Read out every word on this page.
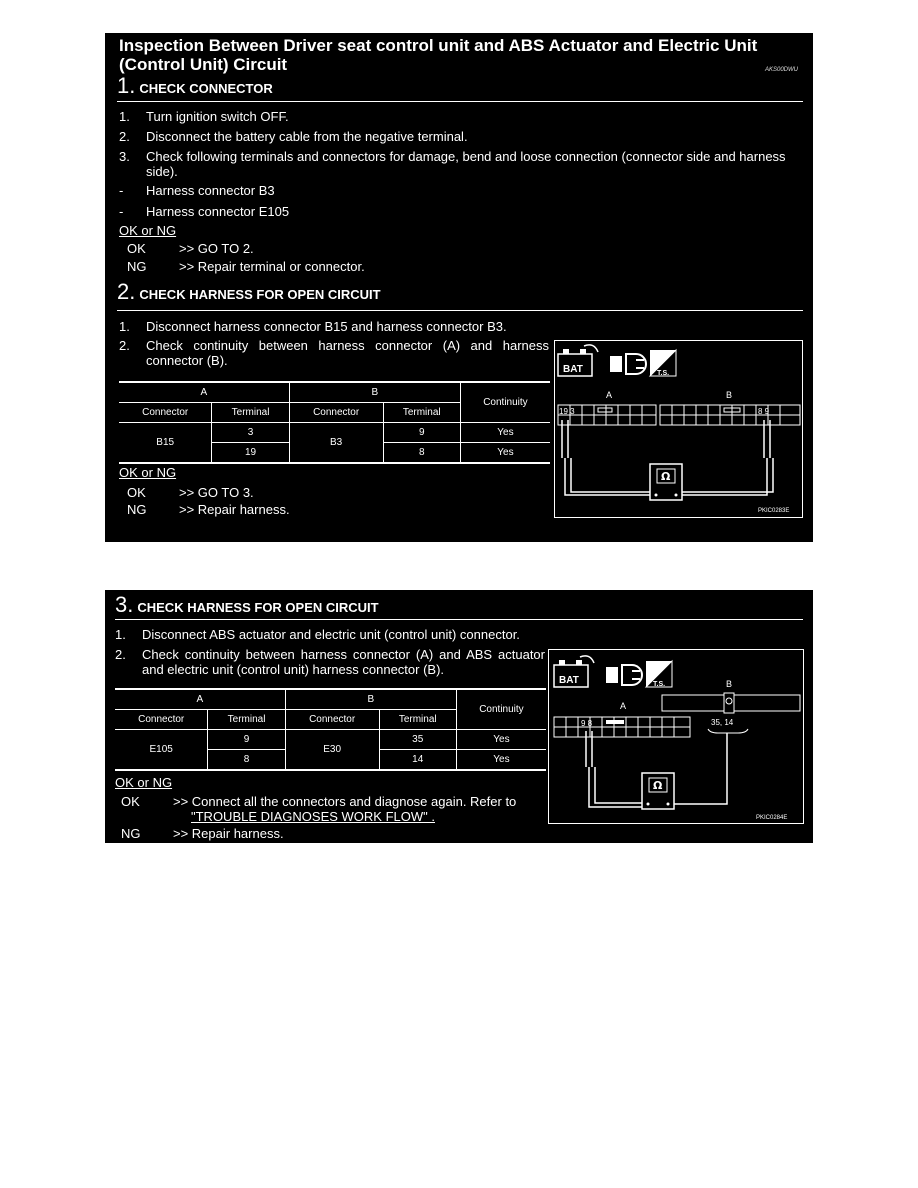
Inspection Between Driver seat control unit and ABS Actuator and Electric Unit (Control Unit) Circuit	AKS00DWU
1. CHECK CONNECTOR
1. Turn ignition switch OFF.
2. Disconnect the battery cable from the negative terminal.
3. Check following terminals and connectors for damage, bend and loose connection (connector side and harness side).
- Harness connector B3
- Harness connector E105
OK or NG
OK	>> GO TO 2.
NG	>> Repair terminal or connector.
2. CHECK HARNESS FOR OPEN CIRCUIT
1. Disconnect harness connector B15 and harness connector B3.
2. Check continuity between harness connector (A) and harness connector (B).
A		B		Continuity
Connector	Terminal	Connector	Terminal	
B15	3	B3	9	Yes
	19		8	Yes
OK or NG
OK	>> GO TO 3.
NG	>> Repair harness.
BAT	T.S.
A	B
19 3	8 9
Ω
PKIC0283E
3. CHECK HARNESS FOR OPEN CIRCUIT
1. Disconnect ABS actuator and electric unit (control unit) connector.
2. Check continuity between harness connector (A) and ABS actuator and electric unit (control unit) harness connector (B).
A		B		Continuity
Connector	Terminal	Connector	Terminal	
E105	9	E30	35	Yes
	8		14	Yes
OK or NG
OK	>> Connect all the connectors and diagnose again. Refer to
"TROUBLE DIAGNOSES WORK FLOW" .
NG	>> Repair harness.
BAT	T.S.
A
B
9 8	35, 14
Ω
PKIC0284E
